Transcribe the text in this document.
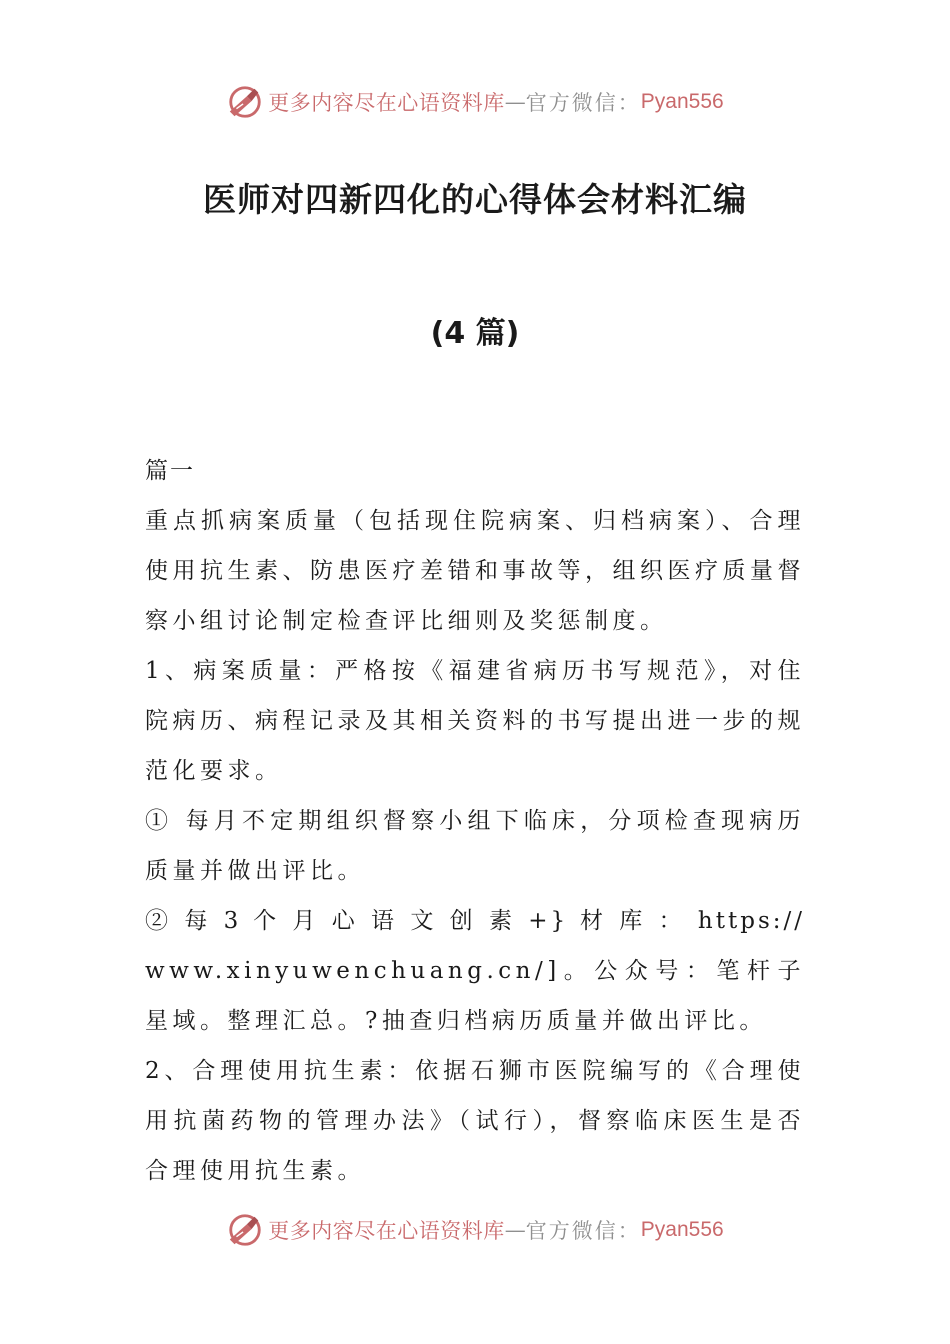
更多内容尽在心语资料库 — 官方微信： Pyan556
医师对四新四化的心得体会材料汇编
(4 篇)

篇一

重点抓病案质量（包括现住院病案、归档病案）、合理使用抗生素、防患医疗差错和事故等，组织医疗质量督察小组讨论制定检查评比细则及奖惩制度。

1、病案质量：严格按《福建省病历书写规范》，对住院病历、病程记录及其相关资料的书写提出进一步的规范化要求。

① 每月不定期组织督察小组下临床，分项检查现病历质量并做出评比。

② 每 3 个 月 心 语 文 创 素 +} 材 库 ： https://

www.xinyuwenchuang.cn/]。公众号：笔杆子星域。整理汇总。?抽查归档病历质量并做出评比。

2、合理使用抗生素：依据石狮市医院编写的《合理使用抗菌药物的管理办法》（试行），督察临床医生是否合理使用抗生素。

更多内容尽在心语资料库 — 官方微信： Pyan556
